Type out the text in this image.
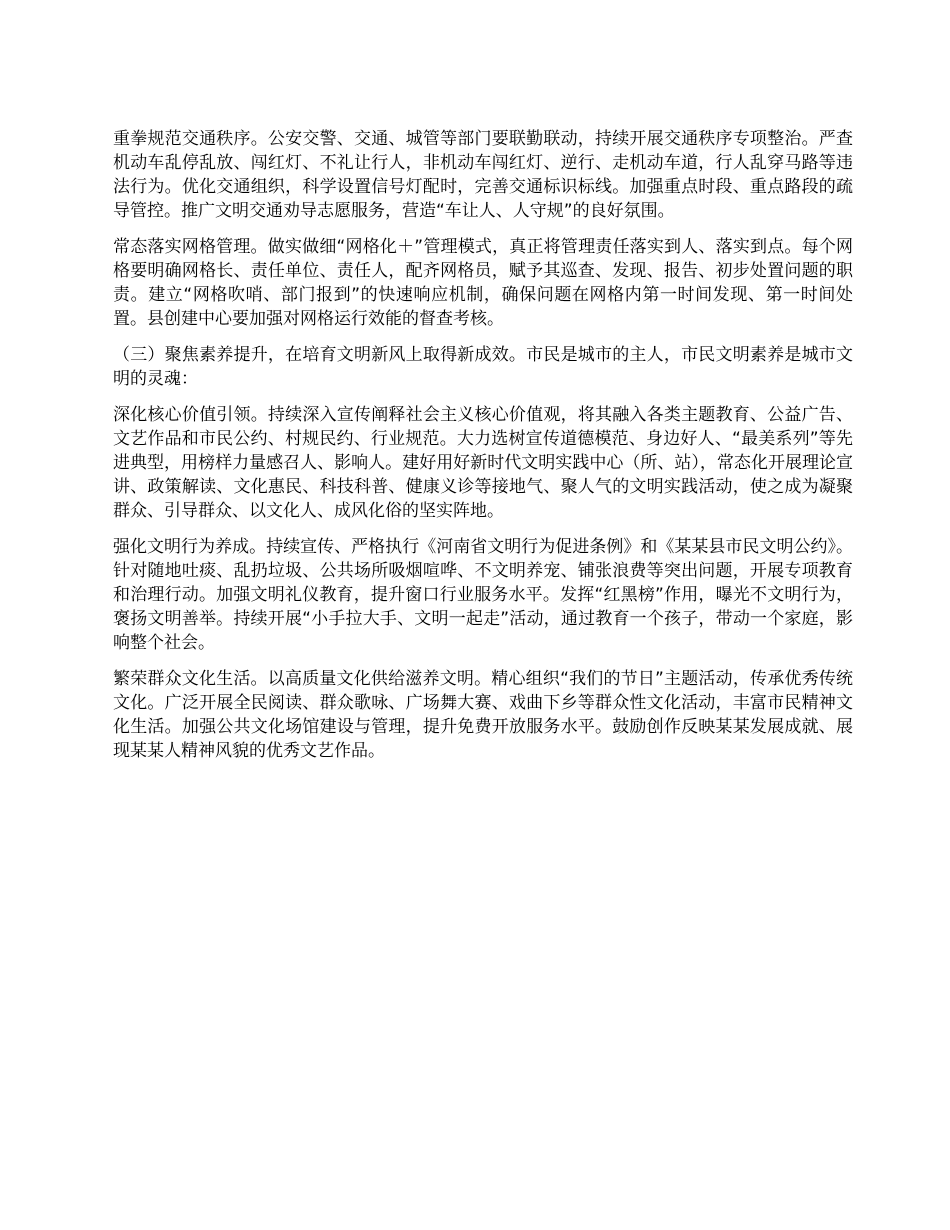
重拳规范交通秩序。公安交警、交通、城管等部门要联勤联动，持续开展交通秩序专项整治。严查机动车乱停乱放、闯红灯、不礼让行人，非机动车闯红灯、逆行、走机动车道，行人乱穿马路等违法行为。优化交通组织，科学设置信号灯配时，完善交通标识标线。加强重点时段、重点路段的疏导管控。推广文明交通劝导志愿服务，营造“车让人、人守规”的良好氛围。

常态落实网格管理。做实做细“网格化＋”管理模式，真正将管理责任落实到人、落实到点。每个网格要明确网格长、责任单位、责任人，配齐网格员，赋予其巡查、发现、报告、初步处置问题的职责。建立“网格吹哨、部门报到”的快速响应机制，确保问题在网格内第一时间发现、第一时间处置。县创建中心要加强对网格运行效能的督查考核。

（三）聚焦素养提升，在培育文明新风上取得新成效。市民是城市的主人，市民文明素养是城市文明的灵魂：

深化核心价值引领。持续深入宣传阐释社会主义核心价值观，将其融入各类主题教育、公益广告、文艺作品和市民公约、村规民约、行业规范。大力选树宣传道德模范、身边好人、“最美系列”等先进典型，用榜样力量感召人、影响人。建好用好新时代文明实践中心（所、站），常态化开展理论宣讲、政策解读、文化惠民、科技科普、健康义诊等接地气、聚人气的文明实践活动，使之成为凝聚群众、引导群众、以文化人、成风化俗的坚实阵地。

强化文明行为养成。持续宣传、严格执行《河南省文明行为促进条例》和《某某县市民文明公约》。针对随地吐痰、乱扔垃圾、公共场所吸烟喧哗、不文明养宠、铺张浪费等突出问题，开展专项教育和治理行动。加强文明礼仪教育，提升窗口行业服务水平。发挥“红黑榜”作用，曝光不文明行为，褒扬文明善举。持续开展“小手拉大手、文明一起走”活动，通过教育一个孩子，带动一个家庭，影响整个社会。

繁荣群众文化生活。以高质量文化供给滋养文明。精心组织“我们的节日”主题活动，传承优秀传统文化。广泛开展全民阅读、群众歌咏、广场舞大赛、戏曲下乡等群众性文化活动，丰富市民精神文化生活。加强公共文化场馆建设与管理，提升免费开放服务水平。鼓励创作反映某某发展成就、展现某某人精神风貌的优秀文艺作品。
